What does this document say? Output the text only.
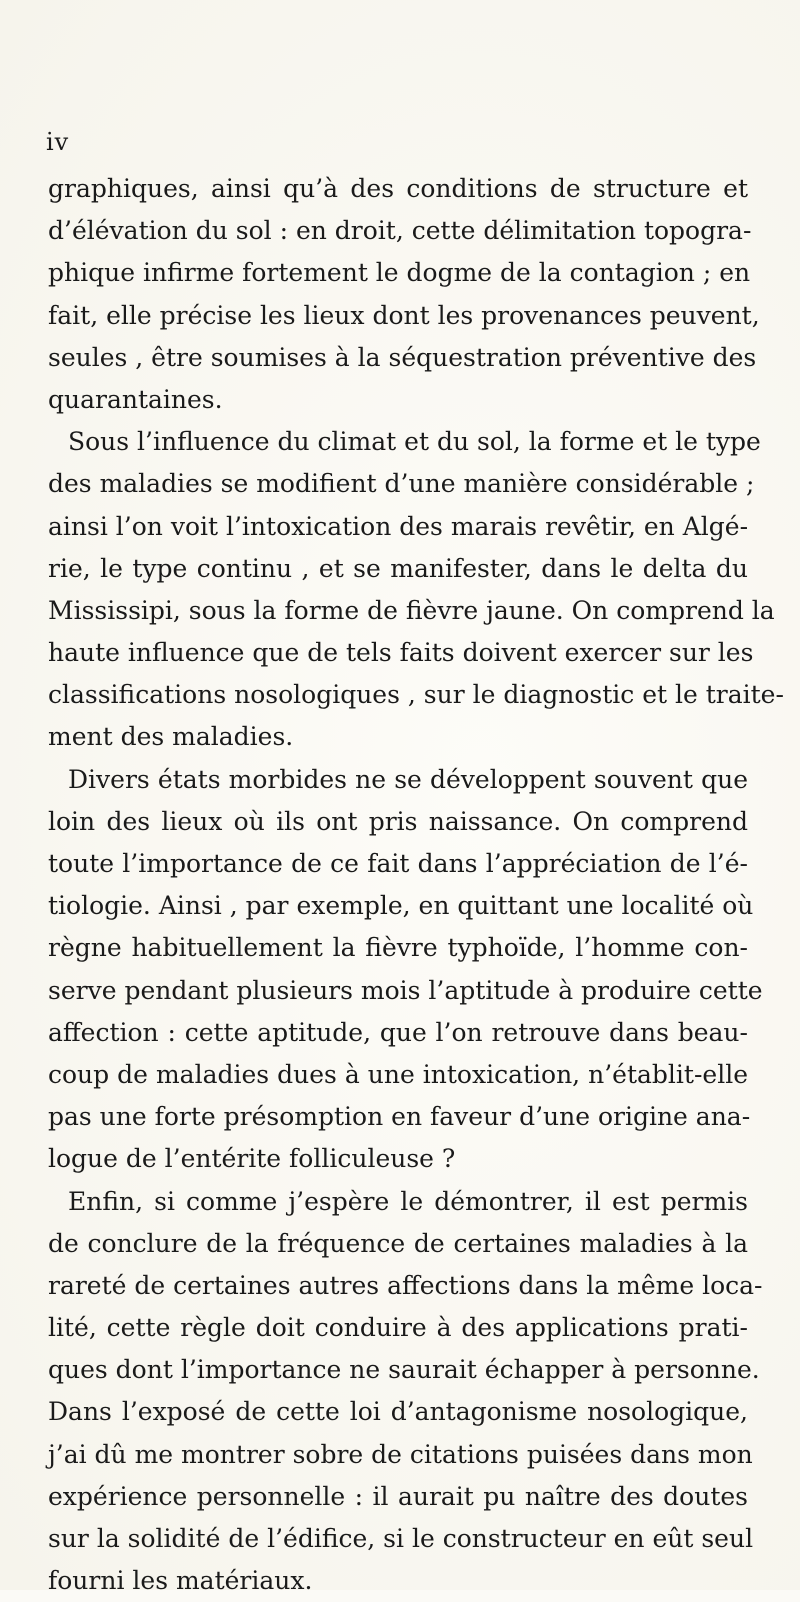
iv
graphiques, ainsi qu’à des conditions de structure et
d’élévation du sol : en droit, cette délimitation topogra-
phique infirme fortement le dogme de la contagion ; en
fait, elle précise les lieux dont les provenances peuvent,
seules , être soumises à la séquestration préventive des
quarantaines.
Sous l’influence du climat et du sol, la forme et le type
des maladies se modifient d’une manière considérable ;
ainsi l’on voit l’intoxication des marais revêtir, en Algé-
rie, le type continu , et se manifester, dans le delta du
Mississipi, sous la forme de fièvre jaune. On comprend la
haute influence que de tels faits doivent exercer sur les
classifications nosologiques , sur le diagnostic et le traite-
ment des maladies.
Divers états morbides ne se développent souvent que
loin des lieux où ils ont pris naissance. On comprend
toute l’importance de ce fait dans l’appréciation de l’é-
tiologie. Ainsi , par exemple, en quittant une localité où
règne habituellement la fièvre typhoïde, l’homme con-
serve pendant plusieurs mois l’aptitude à produire cette
affection : cette aptitude, que l’on retrouve dans beau-
coup de maladies dues à une intoxication, n’établit-elle
pas une forte présomption en faveur d’une origine ana-
logue de l’entérite folliculeuse ?
Enfin, si comme j’espère le démontrer, il est permis
de conclure de la fréquence de certaines maladies à la
rareté de certaines autres affections dans la même loca-
lité, cette règle doit conduire à des applications prati-
ques dont l’importance ne saurait échapper à personne.
Dans l’exposé de cette loi d’antagonisme nosologique,
j’ai dû me montrer sobre de citations puisées dans mon
expérience personnelle : il aurait pu naître des doutes
sur la solidité de l’édifice, si le constructeur en eût seul
fourni les matériaux.
